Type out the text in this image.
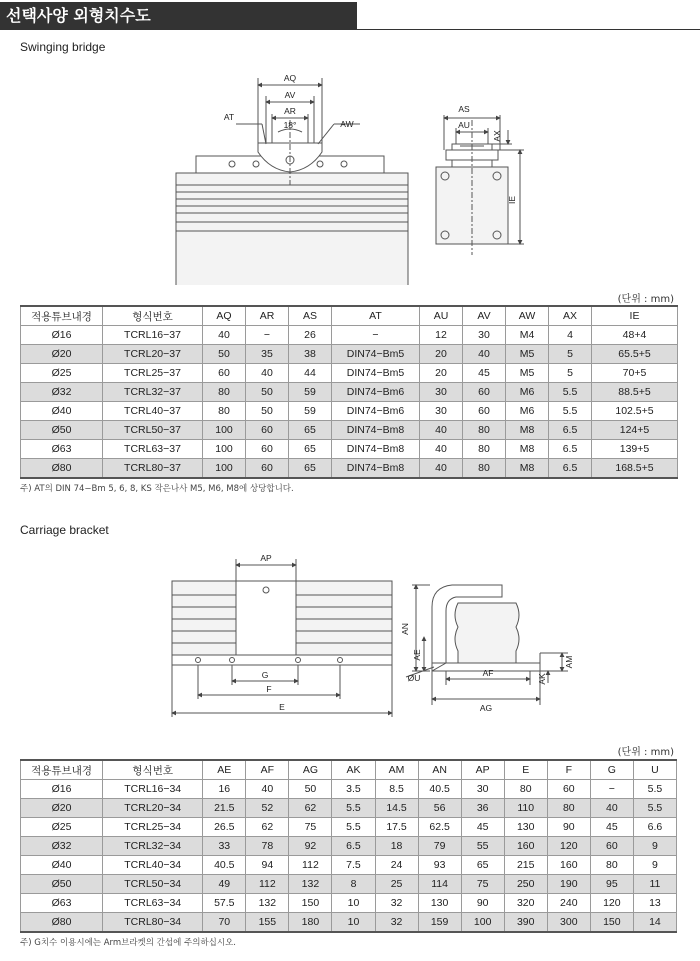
선택사양 외형치수도
Swinging bridge
AQ
AV
AR
18°
AT
AW
AS
AU
AX
IE
(단위 : mm)
적용튜브내경	형식번호	AQ	AR	AS	AT	AU	AV	AW	AX	IE
Ø16	TCRL16−37	40	−	26	−	12	30	M4	4	48+4
Ø20	TCRL20−37	50	35	38	DIN74−Bm5	20	40	M5	5	65.5+5
Ø25	TCRL25−37	60	40	44	DIN74−Bm5	20	45	M5	5	70+5
Ø32	TCRL32−37	80	50	59	DIN74−Bm6	30	60	M6	5.5	88.5+5
Ø40	TCRL40−37	80	50	59	DIN74−Bm6	30	60	M6	5.5	102.5+5
Ø50	TCRL50−37	100	60	65	DIN74−Bm8	40	80	M8	6.5	124+5
Ø63	TCRL63−37	100	60	65	DIN74−Bm8	40	80	M8	6.5	139+5
Ø80	TCRL80−37	100	60	65	DIN74−Bm8	40	80	M8	6.5	168.5+5
주) AT의 DIN 74−Bm 5, 6, 8, KS 작은나사 M5, M6, M8에 상당합니다.
Carriage bracket
AP
G
F
E
AN
AE
AM
ØU	AF
AK
AG
(단위 : mm)
적용튜브내경	형식번호	AE	AF	AG	AK	AM	AN	AP	E	F	G	U
Ø16	TCRL16−34	16	40	50	3.5	8.5	40.5	30	80	60	−	5.5
Ø20	TCRL20−34	21.5	52	62	5.5	14.5	56	36	110	80	40	5.5
Ø25	TCRL25−34	26.5	62	75	5.5	17.5	62.5	45	130	90	45	6.6
Ø32	TCRL32−34	33	78	92	6.5	18	79	55	160	120	60	9
Ø40	TCRL40−34	40.5	94	112	7.5	24	93	65	215	160	80	9
Ø50	TCRL50−34	49	112	132	8	25	114	75	250	190	95	11
Ø63	TCRL63−34	57.5	132	150	10	32	130	90	320	240	120	13
Ø80	TCRL80−34	70	155	180	10	32	159	100	390	300	150	14
주) G치수 이용시에는 Arm브라켓의 간섭에 주의하십시오.
